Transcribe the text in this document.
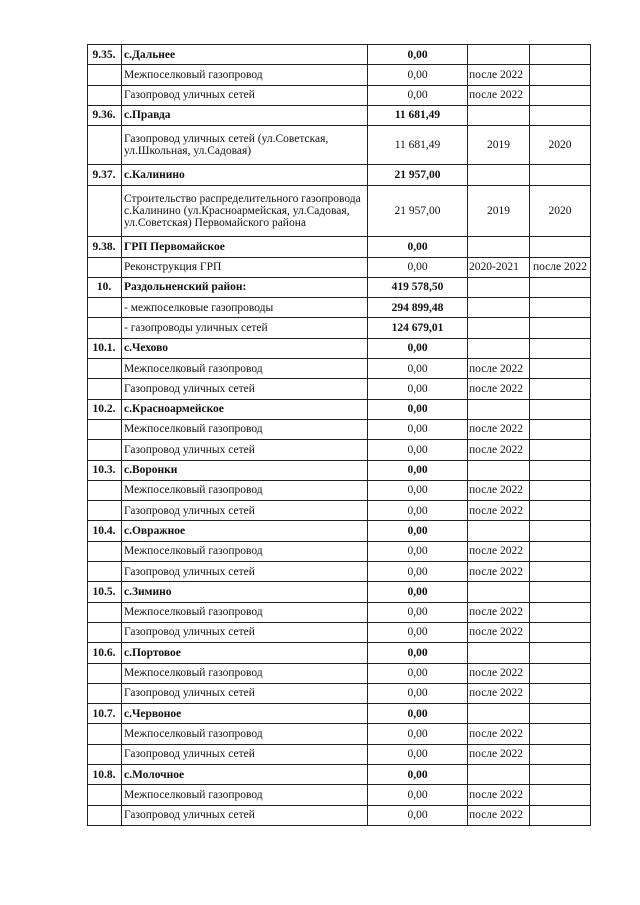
9.35.	с.Дальнее	0,00		
	Межпоселковый газопровод	0,00	после 2022	
	Газопровод уличных сетей	0,00	после 2022	
9.36.	с.Правда	11 681,49		
	Газопровод уличных сетей (ул.Советская, ул.Школьная, ул.Садовая)	11 681,49	2019	2020
9.37.	с.Калинино	21 957,00		
	Строительство распределительного газопровода с.Калинино (ул.Красноармейская, ул.Садовая, ул.Советская) Первомайского района	21 957,00	2019	2020
9.38.	ГРП Первомайское	0,00		
	Реконструкция ГРП	0,00	2020-2021	после 2022
10.	Раздольненский район:	419 578,50		
	- межпоселковые газопроводы	294 899,48		
	- газопроводы уличных сетей	124 679,01		
10.1.	с.Чехово	0,00		
	Межпоселковый газопровод	0,00	после 2022	
	Газопровод уличных сетей	0,00	после 2022	
10.2.	с.Красноармейское	0,00		
	Межпоселковый газопровод	0,00	после 2022	
	Газопровод уличных сетей	0,00	после 2022	
10.3.	с.Воронки	0,00		
	Межпоселковый газопровод	0,00	после 2022	
	Газопровод уличных сетей	0,00	после 2022	
10.4.	с.Овражное	0,00		
	Межпоселковый газопровод	0,00	после 2022	
	Газопровод уличных сетей	0,00	после 2022	
10.5.	с.Зимино	0,00		
	Межпоселковый газопровод	0,00	после 2022	
	Газопровод уличных сетей	0,00	после 2022	
10.6.	с.Портовое	0,00		
	Межпоселковый газопровод	0,00	после 2022	
	Газопровод уличных сетей	0,00	после 2022	
10.7.	с.Червоное	0,00		
	Межпоселковый газопровод	0,00	после 2022	
	Газопровод уличных сетей	0,00	после 2022	
10.8.	с.Молочное	0,00		
	Межпоселковый газопровод	0,00	после 2022	
	Газопровод уличных сетей	0,00	после 2022	
